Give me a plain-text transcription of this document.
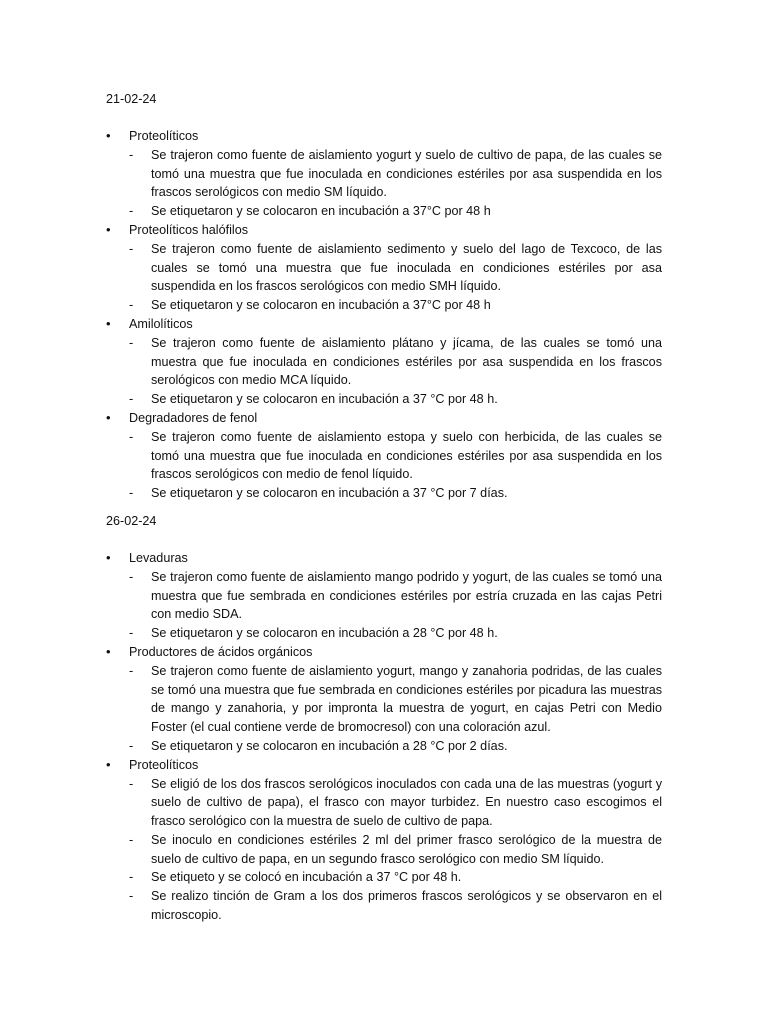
21-02-24
• Proteolíticos
- Se trajeron como fuente de aislamiento yogurt y suelo de cultivo de papa, de las cuales se tomó una muestra que fue inoculada en condiciones estériles por asa suspendida en los frascos serológicos con medio SM líquido.
- Se etiquetaron y se colocaron en incubación a 37°C por 48 h
• Proteolíticos halófilos
- Se trajeron como fuente de aislamiento sedimento y suelo del lago de Texcoco, de las cuales se tomó una muestra que fue inoculada en condiciones estériles por asa suspendida en los frascos serológicos con medio SMH líquido.
- Se etiquetaron y se colocaron en incubación a 37°C por 48 h
• Amilolíticos
- Se trajeron como fuente de aislamiento plátano y jícama, de las cuales se tomó una muestra que fue inoculada en condiciones estériles por asa suspendida en los frascos serológicos con medio MCA líquido.
- Se etiquetaron y se colocaron en incubación a 37 °C por 48 h.
• Degradadores de fenol
- Se trajeron como fuente de aislamiento estopa y suelo con herbicida, de las cuales se tomó una muestra que fue inoculada en condiciones estériles por asa suspendida en los frascos serológicos con medio de fenol líquido.
- Se etiquetaron y se colocaron en incubación a 37 °C por 7 días.
26-02-24
• Levaduras
- Se trajeron como fuente de aislamiento mango podrido y yogurt, de las cuales se tomó una muestra que fue sembrada en condiciones estériles por estría cruzada en las cajas Petri con medio SDA.
- Se etiquetaron y se colocaron en incubación a 28 °C por 48 h.
• Productores de ácidos orgánicos
- Se trajeron como fuente de aislamiento yogurt, mango y zanahoria podridas, de las cuales se tomó una muestra que fue sembrada en condiciones estériles por picadura las muestras de mango y zanahoria, y por impronta la muestra de yogurt, en cajas Petri con Medio Foster (el cual contiene verde de bromocresol) con una coloración azul.
- Se etiquetaron y se colocaron en incubación a 28 °C por 2 días.
• Proteolíticos
- Se eligió de los dos frascos serológicos inoculados con cada una de las muestras (yogurt y suelo de cultivo de papa), el frasco con mayor turbidez. En nuestro caso escogimos el frasco serológico con la muestra de suelo de cultivo de papa.
- Se inoculo en condiciones estériles 2 ml del primer frasco serológico de la muestra de suelo de cultivo de papa, en un segundo frasco serológico con medio SM líquido.
- Se etiqueto y se colocó en incubación a 37 °C por 48 h.
- Se realizo tinción de Gram a los dos primeros frascos serológicos y se observaron en el microscopio.
